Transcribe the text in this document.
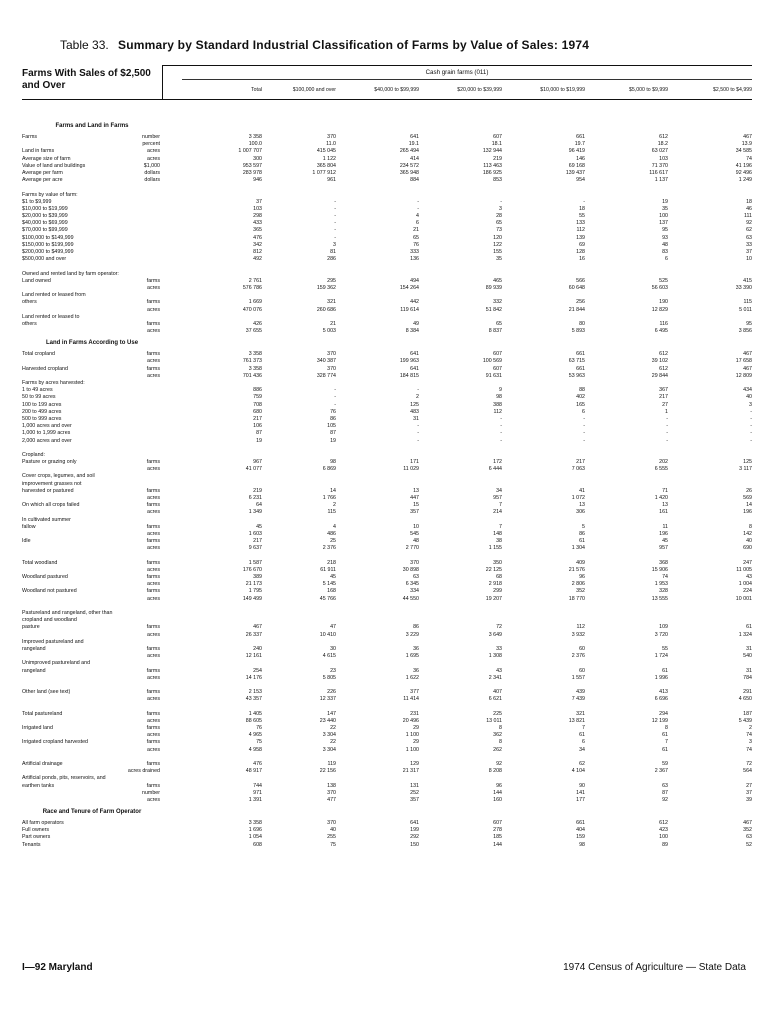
Table 33. Summary by Standard Industrial Classification of Farms by Value of Sales: 1974
Farms With Sales of $2,500 and Over
Cash grain farms (011)
Total	$100,000 and over	$40,000 to $99,999	$20,000 to $39,999	$10,000 to $19,999	$5,000 to $9,999	$2,500 to $4,999
Farms and Land in Farms
Farms	number	3 358	370	641	607	661	612	467
percent	100.0	11.0	19.1	18.1	19.7	18.2	13.9
Land in farms	acres	1 007 707	415 045	265 494	132 944	96 419	63 027	34 585
Average size of farm	acres	300	1 122	414	219	146	103	74
Value of land and buildings	$1,000	953 597	365 804	234 572	113 463	69 168	71 370	41 196
Average per farm	dollars	283 978	1 077 912	365 948	186 925	139 437	116 617	92 496
Average per acre	dollars	946	961	884	853	954	1 137	1 249
Farms by value of farm:
$1 to $9,999	37	-	-	-	-	19	18
$10,000 to $19,999	103	-	-	3	18	35	46
$20,000 to $39,999	298	-	4	28	55	100	111
$40,000 to $69,999	433	-	6	65	133	137	92
$70,000 to $99,999	365	-	21	73	112	95	62
$100,000 to $149,999	476	-	65	120	139	93	63
$150,000 to $199,999	342	3	76	122	69	48	33
$200,000 to $499,999	812	81	333	155	128	83	37
$500,000 and over	492	286	136	35	16	6	10
Owned and rented land by farm operator:
Land owned	farms	2 761	295	494	465	566	525	415
acres	576 786	159 362	154 264	89 939	60 648	56 603	33 390
Land rented or leased from
others	farms	1 669	321	442	332	256	190	115
acres	470 076	260 686	119 614	51 842	21 844	12 829	5 011
Land rented or leased to
others	farms	426	21	49	65	80	116	95
acres	37 655	5 003	8 384	8 837	5 893	6 495	3 856
Land in Farms According to Use
Total cropland	farms	3 358	370	641	607	661	612	467
acres	761 373	340 387	199 963	100 569	63 715	39 102	17 658
Harvested cropland	farms	3 358	370	641	607	661	612	467
acres	701 436	328 774	184 815	91 631	53 963	29 844	12 809
Farms by acres harvested:
1 to 49 acres	886	-	-	9	88	367	434
50 to 99 acres	759	-	2	98	402	217	40
100 to 199 acres	708	-	125	388	165	27	3
200 to 499 acres	680	76	483	112	6	1	-
500 to 999 acres	217	86	31	-	-	-	-
1,000 acres and over	106	105	-	-	-	-	-
1,000 to 1,999 acres	87	87	-	-	-	-	-
2,000 acres and over	19	19	-	-	-	-	-
Cropland:
Pasture or grazing only	farms	967	98	171	172	217	202	125
acres	41 077	6 869	11 029	6 444	7 063	6 555	3 117
Cover crops, legumes, and soil
improvement grasses not
harvested or pastured	farms	219	14	13	34	41	71	26
acres	6 231	1 766	447	957	1 072	1 420	569
On which all crops failed	farms	64	2	15	7	13	13	14
acres	1 349	115	357	214	306	161	196
In cultivated summer
fallow	farms	45	4	10	7	5	11	8
acres	1 603	486	545	148	86	196	142
Idle	farms	217	25	48	38	61	45	40
acres	9 637	2 376	2 770	1 155	1 304	957	690
Total woodland	farms	1 587	218	370	350	409	368	247
acres	176 670	61 911	30 898	22 125	21 576	15 906	11 005
Woodland pastured	farms	389	45	63	68	96	74	43
acres	21 173	5 145	6 345	2 918	2 806	1 953	1 004
Woodland not pastured	farms	1 795	168	334	299	352	328	224
acres	149 499	45 766	44 550	19 207	18 770	13 555	10 001
Pastureland and rangeland, other than
cropland and woodland
pasture	farms	467	47	86	72	112	109	61
acres	26 337	10 410	3 229	3 649	3 932	3 720	1 324
Improved pastureland and
rangeland	farms	240	30	36	33	60	55	31
acres	12 161	4 615	1 695	1 308	2 376	1 724	540
Unimproved pastureland and
rangeland	farms	254	23	36	43	60	61	31
acres	14 176	5 805	1 622	2 341	1 557	1 996	784
Other land (see text)	farms	2 153	226	377	407	439	413	291
acres	43 357	12 337	11 414	6 621	7 439	6 696	4 650
Total pastureland	farms	1 405	147	231	225	321	294	187
acres	88 605	23 440	20 496	13 011	13 821	12 199	5 439
Irrigated land	farms	76	22	29	8	7	8	2
acres	4 965	3 304	1 100	362	61	61	74
Irrigated cropland harvested	farms	75	22	29	8	6	7	3
acres	4 958	3 304	1 100	262	34	61	74
Artificial drainage	farms	476	119	129	92	62	59	72
acres drained	48 917	22 156	21 317	8 208	4 104	2 367	564
Artificial ponds, pits, reservoirs, and
earthen tanks	farms	744	138	131	96	90	63	27
number	971	370	252	144	141	87	37
acres	1 391	477	357	160	177	92	39
Race and Tenure of Farm Operator
All farm operators	3 358	370	641	607	661	612	467
Full owners	1 696	40	199	278	404	423	352
Part owners	1 054	255	292	185	159	100	63
Tenants	608	75	150	144	98	89	52
I—92 Maryland	1974 Census of Agriculture — State Data
